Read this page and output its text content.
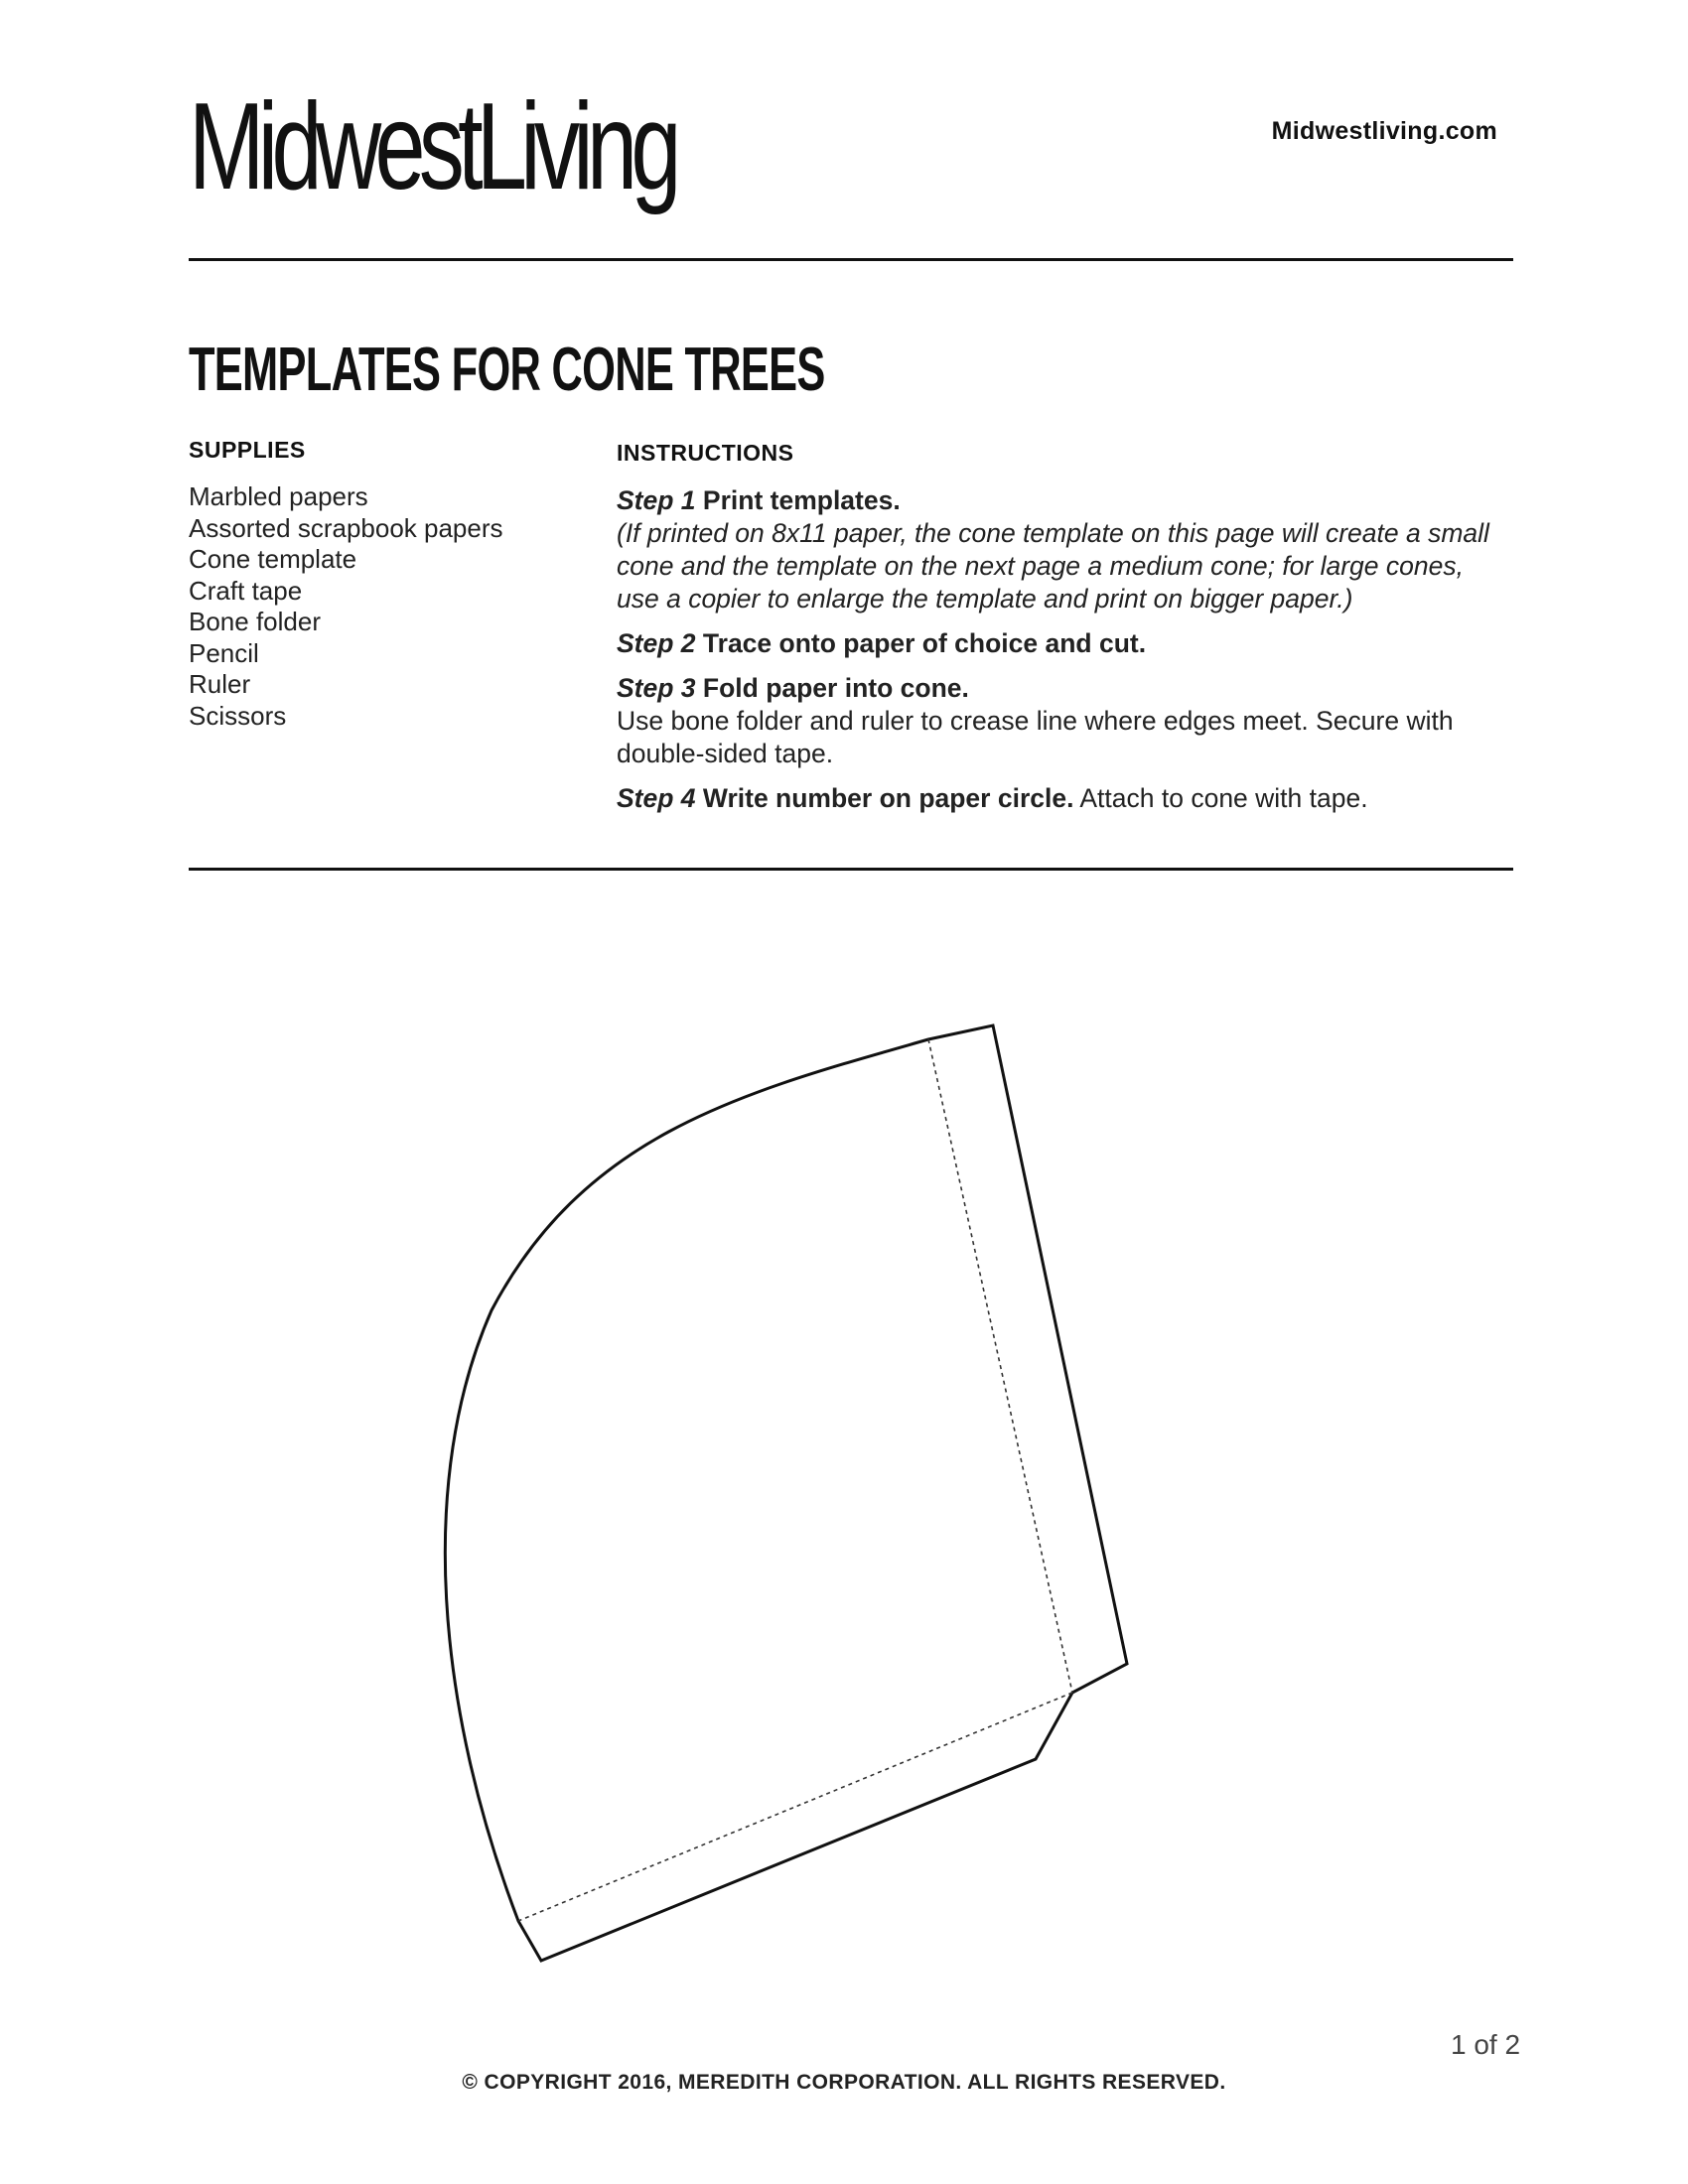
MidwestLiving	Midwestliving.com
TEMPLATES FOR CONE TREES
SUPPLIES
Marbled papers
Assorted scrapbook papers
Cone template
Craft tape
Bone folder
Pencil
Ruler
Scissors
INSTRUCTIONS

Step 1 Print templates.
(If printed on 8x11 paper, the cone template on this page will create a small cone and the template on the next page a medium cone; for large cones, use a copier to enlarge the template and print on bigger paper.)

Step 2 Trace onto paper of choice and cut.

Step 3 Fold paper into cone.
Use bone folder and ruler to crease line where edges meet. Secure with double-sided tape.

Step 4 Write number on paper circle. Attach to cone with tape.

1 of 2
© COPYRIGHT 2016, MEREDITH CORPORATION. ALL RIGHTS RESERVED.
